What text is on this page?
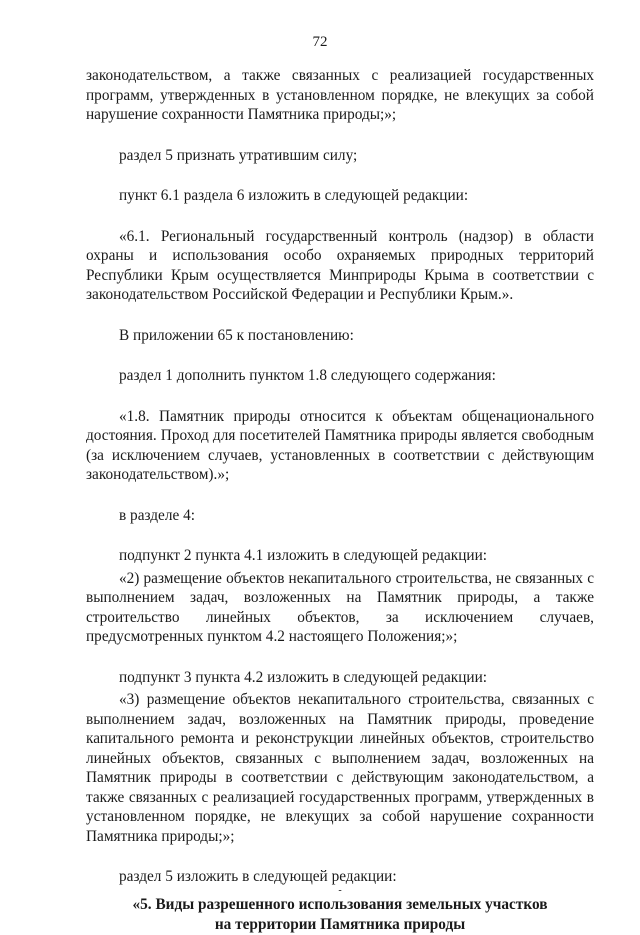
72

законодательством, а также связанных с реализацией государственных программ, утвержденных в установленном порядке, не влекущих за собой нарушение сохранности Памятника природы;»;

раздел 5 признать утратившим силу;

пункт 6.1 раздела 6 изложить в следующей редакции:

«6.1. Региональный государственный контроль (надзор) в области охраны и использования особо охраняемых природных территорий Республики Крым осуществляется Минприроды Крыма в соответствии с законодательством Российской Федерации и Республики Крым.».

В приложении 65 к постановлению:

раздел 1 дополнить пунктом 1.8 следующего содержания:

«1.8. Памятник природы относится к объектам общенационального достояния. Проход для посетителей Памятника природы является свободным (за исключением случаев, установленных в соответствии с действующим законодательством).»;

в разделе 4:

подпункт 2 пункта 4.1 изложить в следующей редакции:

«2) размещение объектов некапитального строительства, не связанных с выполнением задач, возложенных на Памятник природы, а также строительство линейных объектов, за исключением случаев, предусмотренных пунктом 4.2 настоящего Положения;»;

подпункт 3 пункта 4.2 изложить в следующей редакции:

«3) размещение объектов некапитального строительства, связанных с выполнением задач, возложенных на Памятник природы, проведение капитального ремонта и реконструкции линейных объектов, строительство линейных объектов, связанных с выполнением задач, возложенных на Памятник природы в соответствии с действующим законодательством, а также связанных с реализацией государственных программ, утвержденных в установленном порядке, не влекущих за собой нарушение сохранности Памятника природы;»;

раздел 5 изложить в следующей редакции:

-

«5. Виды разрешенного использования земельных участков
на территории Памятника природы
